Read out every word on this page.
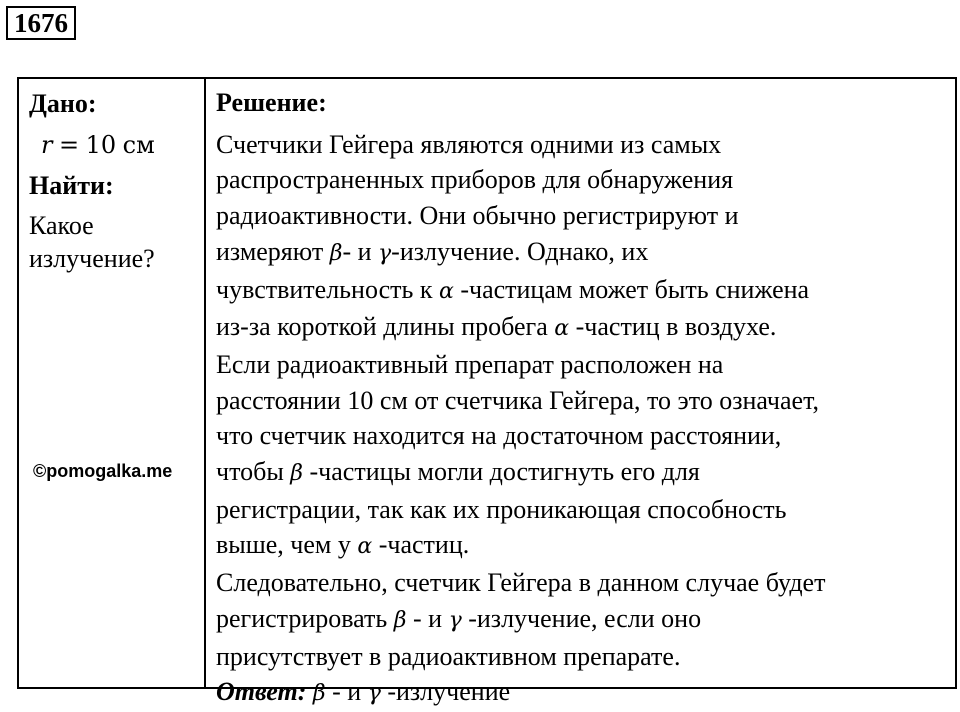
1676
Дано:
r = 10 см
Найти:
Какое
излучение?
©pomogalka.me
Решение:
Счетчики Гейгера являются одними из самых
распространенных приборов для обнаружения
радиоактивности. Они обычно регистрируют и
измеряют β- и γ-излучение. Однако, их
чувствительность к α -частицам может быть снижена
из-за короткой длины пробега α -частиц в воздухе.
Если радиоактивный препарат расположен на
расстоянии 10 см от счетчика Гейгера, то это означает,
что счетчик находится на достаточном расстоянии,
чтобы β -частицы могли достигнуть его для
регистрации, так как их проникающая способность
выше, чем у α -частиц.
Следовательно, счетчик Гейгера в данном случае будет
регистрировать β - и γ -излучение, если оно
присутствует в радиоактивном препарате.
Ответ: β - и γ -излучение
